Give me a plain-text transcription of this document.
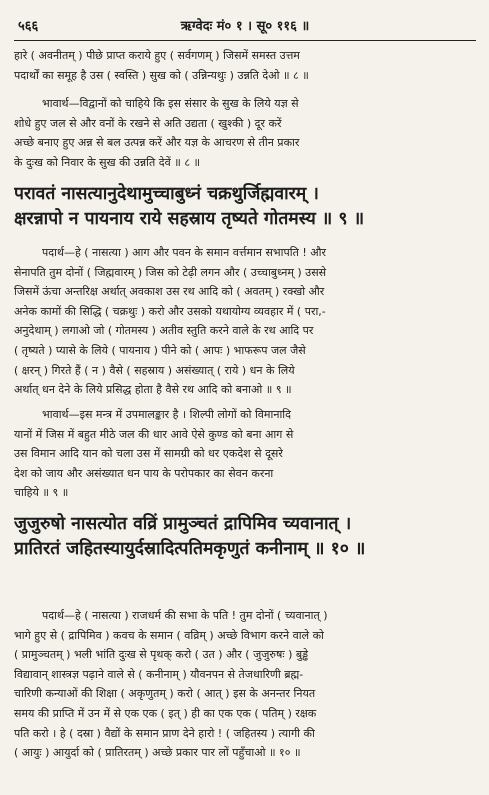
५६६	ऋग्वेदः मं० १ । सू० ११६ ॥
हारे ( अवनीतम् ) पीछे प्राप्त कराये हुए ( सर्वगणम् ) जिसमें समस्त उत्तम
पदार्थों का समूह है उस ( स्वस्ति ) सुख को ( उन्निन्यथुः ) उन्नति देओ ॥ ८ ॥
भावार्थ—विद्वानों को चाहिये कि इस संसार के सुख के लिये यज्ञ से
शोधे हुए जल से और वनों के रखने से अति उद्यता ( खुश्की ) दूर करें
अच्छे बनाए हुए अन्न से बल उत्पन्न करें और यज्ञ के आचरण से तीन प्रकार
के दुःख को निवार के सुख की उन्नति देवें ॥ ८ ॥
परावतं नासत्यानुदेथामुच्चाबुध्नं चक्रथुर्जिह्मवारम् ।
क्षरन्नापो न पायनाय राये सहस्राय तृष्यते गोतमस्य ॥ ९ ॥
पदार्थ—हे ( नासत्या ) आग और पवन के समान वर्त्तमान सभापति ! और
सेनापति तुम दोनों ( जिह्मवारम् ) जिस को टेढ़ी लगन और ( उच्चाबुध्नम् ) उससे
जिसमें ऊंचा अन्तरिक्ष अर्थात् अवकाश उस रथ आदि को ( अवतम् ) रक्खो और
अनेक कामों की सिद्धि ( चक्रथुः ) करो और उसको यथायोग्य व्यवहार में ( परा,-
अनुदेथाम् ) लगाओ जो ( गोतमस्य ) अतीव स्तुति करने वाले के रथ आदि पर
( तृष्यते ) प्यासे के लिये ( पायनाय ) पीने को ( आपः ) भाफरूप जल जैसे
( क्षरन् ) गिरते हैं ( न ) वैसे ( सहस्राय ) असंख्यात् ( राये ) धन के लिये
अर्थात् धन देने के लिये प्रसिद्ध होता है वैसे रथ आदि को बनाओ ॥ ९ ॥
भावार्थ—इस मन्त्र में उपमालङ्कार है । शिल्पी लोगों को विमानादि
यानों में जिस में बहुत मीठे जल की धार आवे ऐसे कुण्ड को बना आग से
उस विमान आदि यान को चला उस में सामग्री को धर एकदेश से दूसरे
देश को जाय और असंख्यात धन पाय के परोपकार का सेवन करना
चाहिये ॥ ९ ॥
जुजुरुषो नासत्योत वव्रिं प्रामुञ्चतं द्रापिमिव च्यवानात् ।
प्रातिरतं जहितस्यायुर्दस्रादित्पतिमकृणुतं कनीनाम् ॥ १० ॥
पदार्थ—हे ( नासत्या ) राजधर्म की सभा के पति ! तुम दोनों ( च्यवानात् )
भागे हुए से ( द्रापिमिव ) कवच के समान ( वव्रिम् ) अच्छे विभाग करने वाले को
( प्रामुञ्चतम् ) भली भांति दुःख से पृथक् करो ( उत ) और ( जुजुरुषः ) बुड्ढे
विद्यावान् शास्त्रज्ञ पढ़ाने वाले से ( कनीनाम् ) यौवनपन से तेजधारिणी ब्रह्म-
चारिणी कन्याओं की शिक्षा ( अकृणुतम् ) करो ( आत् ) इस के अनन्तर नियत
समय की प्राप्ति में उन में से एक एक ( इत् ) ही का एक एक ( पतिम् ) रक्षक
पति करो । हे ( दस्रा ) वैद्यों के समान प्राण देने हारो ! ( जहितस्य ) त्यागी की
( आयुः ) आयुर्दा को ( प्रातिरतम् ) अच्छे प्रकार पार लों पहुँचाओ ॥ १० ॥
